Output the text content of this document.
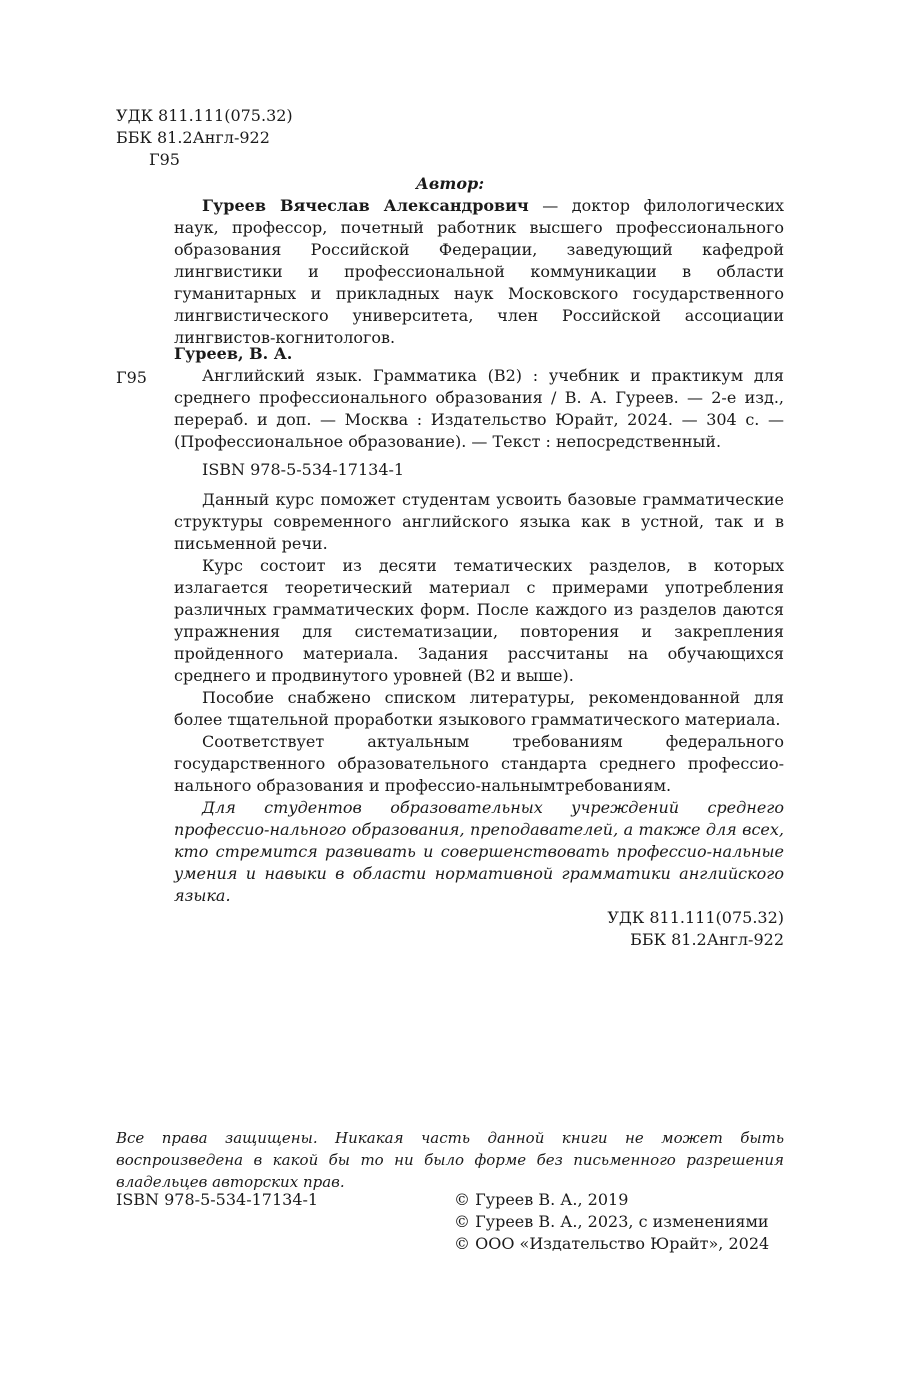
УДК 811.111(075.32)
ББК 81.2Англ-922
Г95
Автор:

Гуреев Вячеслав Александрович — доктор филологических наук, профессор, почетный работник высшего профессионального образования Российской Федерации, заведующий кафедрой лингвистики и профессиональной коммуникации в области гуманитарных и прикладных наук Московского государственного лингвистического университета, член Российской ассоциации лингвистов-когнитологов.

Гуреев, В. А.

Английский язык. Грамматика (B2) : учебник и практикум для среднего профессионального образования / В. А. Гуреев. — 2-е изд., перераб. и доп. — Москва : Издательство Юрайт, 2024. — 304 с. — (Профессиональное образование). — Текст : непосредственный.

ISBN 978-5-534-17134-1

Г95

Данный курс поможет студентам усвоить базовые грамматические структуры современного английского языка как в устной, так и в письменной речи.

Курс состоит из десяти тематических разделов, в которых излагается теоретический материал с примерами употребления различных грамматических форм. После каждого из разделов даются упражнения для систематизации, повторения и закрепления пройденного материала. Задания рассчитаны на обучающихся среднего и продвинутого уровней (B2 и выше).

Пособие снабжено списком литературы, рекомендованной для более тщательной проработки языкового грамматического материала.

Соответствует актуальным требованиям федерального государственного образовательного стандарта среднего профессио-нального образования и профессио-нальнымтребованиям.

Для студентов образовательных учреждений среднего профессио-нального образования, преподавателей, а также для всех, кто стремится развивать и совершенствовать профессио-нальные умения и навыки в области нормативной грамматики английского языка.

УДК 811.111(075.32)
ББК 81.2Англ-922
Все права защищены. Никакая часть данной книги не может быть воспроизведена в какой бы то ни было форме без письменного разрешения владельцев авторских прав.
ISBN 978-5-534-17134-1	© Гуреев В. А., 2019
© Гуреев В. А., 2023, с изменениями
© ООО «Издательство Юрайт», 2024
